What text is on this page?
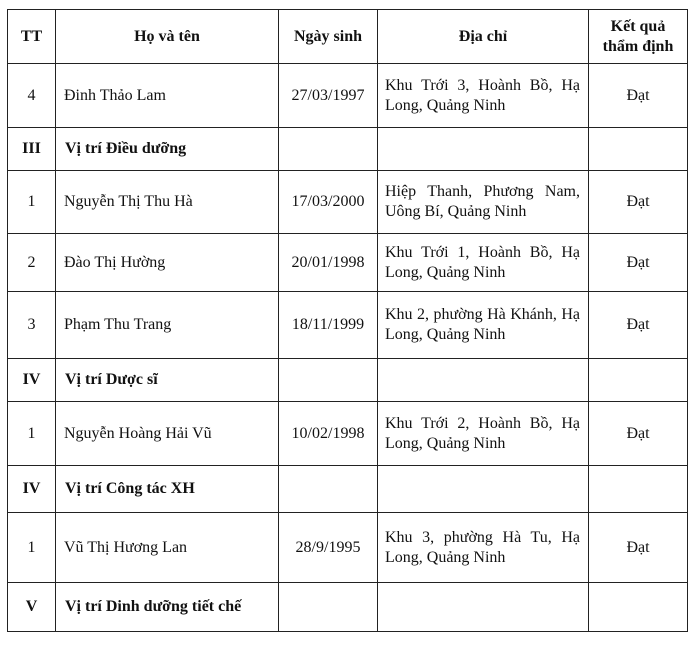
TT	Họ và tên	Ngày sinh	Địa chỉ	Kết quả
thẩm định

4	Đinh Thảo Lam	27/03/1997	Khu Trới 3, Hoành Bồ, Hạ Long, Quảng Ninh	Đạt
III	Vị trí Điều dưỡng			
1	Nguyễn Thị Thu Hà	17/03/2000	Hiệp Thanh, Phương Nam, Uông Bí, Quảng Ninh	Đạt
2	Đào Thị Hường	20/01/1998	Khu Trới 1, Hoành Bồ, Hạ Long, Quảng Ninh	Đạt
3	Phạm Thu Trang	18/11/1999	Khu 2, phường Hà Khánh, Hạ Long, Quảng Ninh	Đạt
IV	Vị trí Dược sĩ			
1	Nguyễn Hoàng Hải Vũ	10/02/1998	Khu Trới 2, Hoành Bồ, Hạ Long, Quảng Ninh	Đạt
IV	Vị trí Công tác XH			
1	Vũ Thị Hương Lan	28/9/1995	Khu 3, phường Hà Tu, Hạ Long, Quảng Ninh	Đạt
V	Vị trí Dinh dưỡng tiết chế			
